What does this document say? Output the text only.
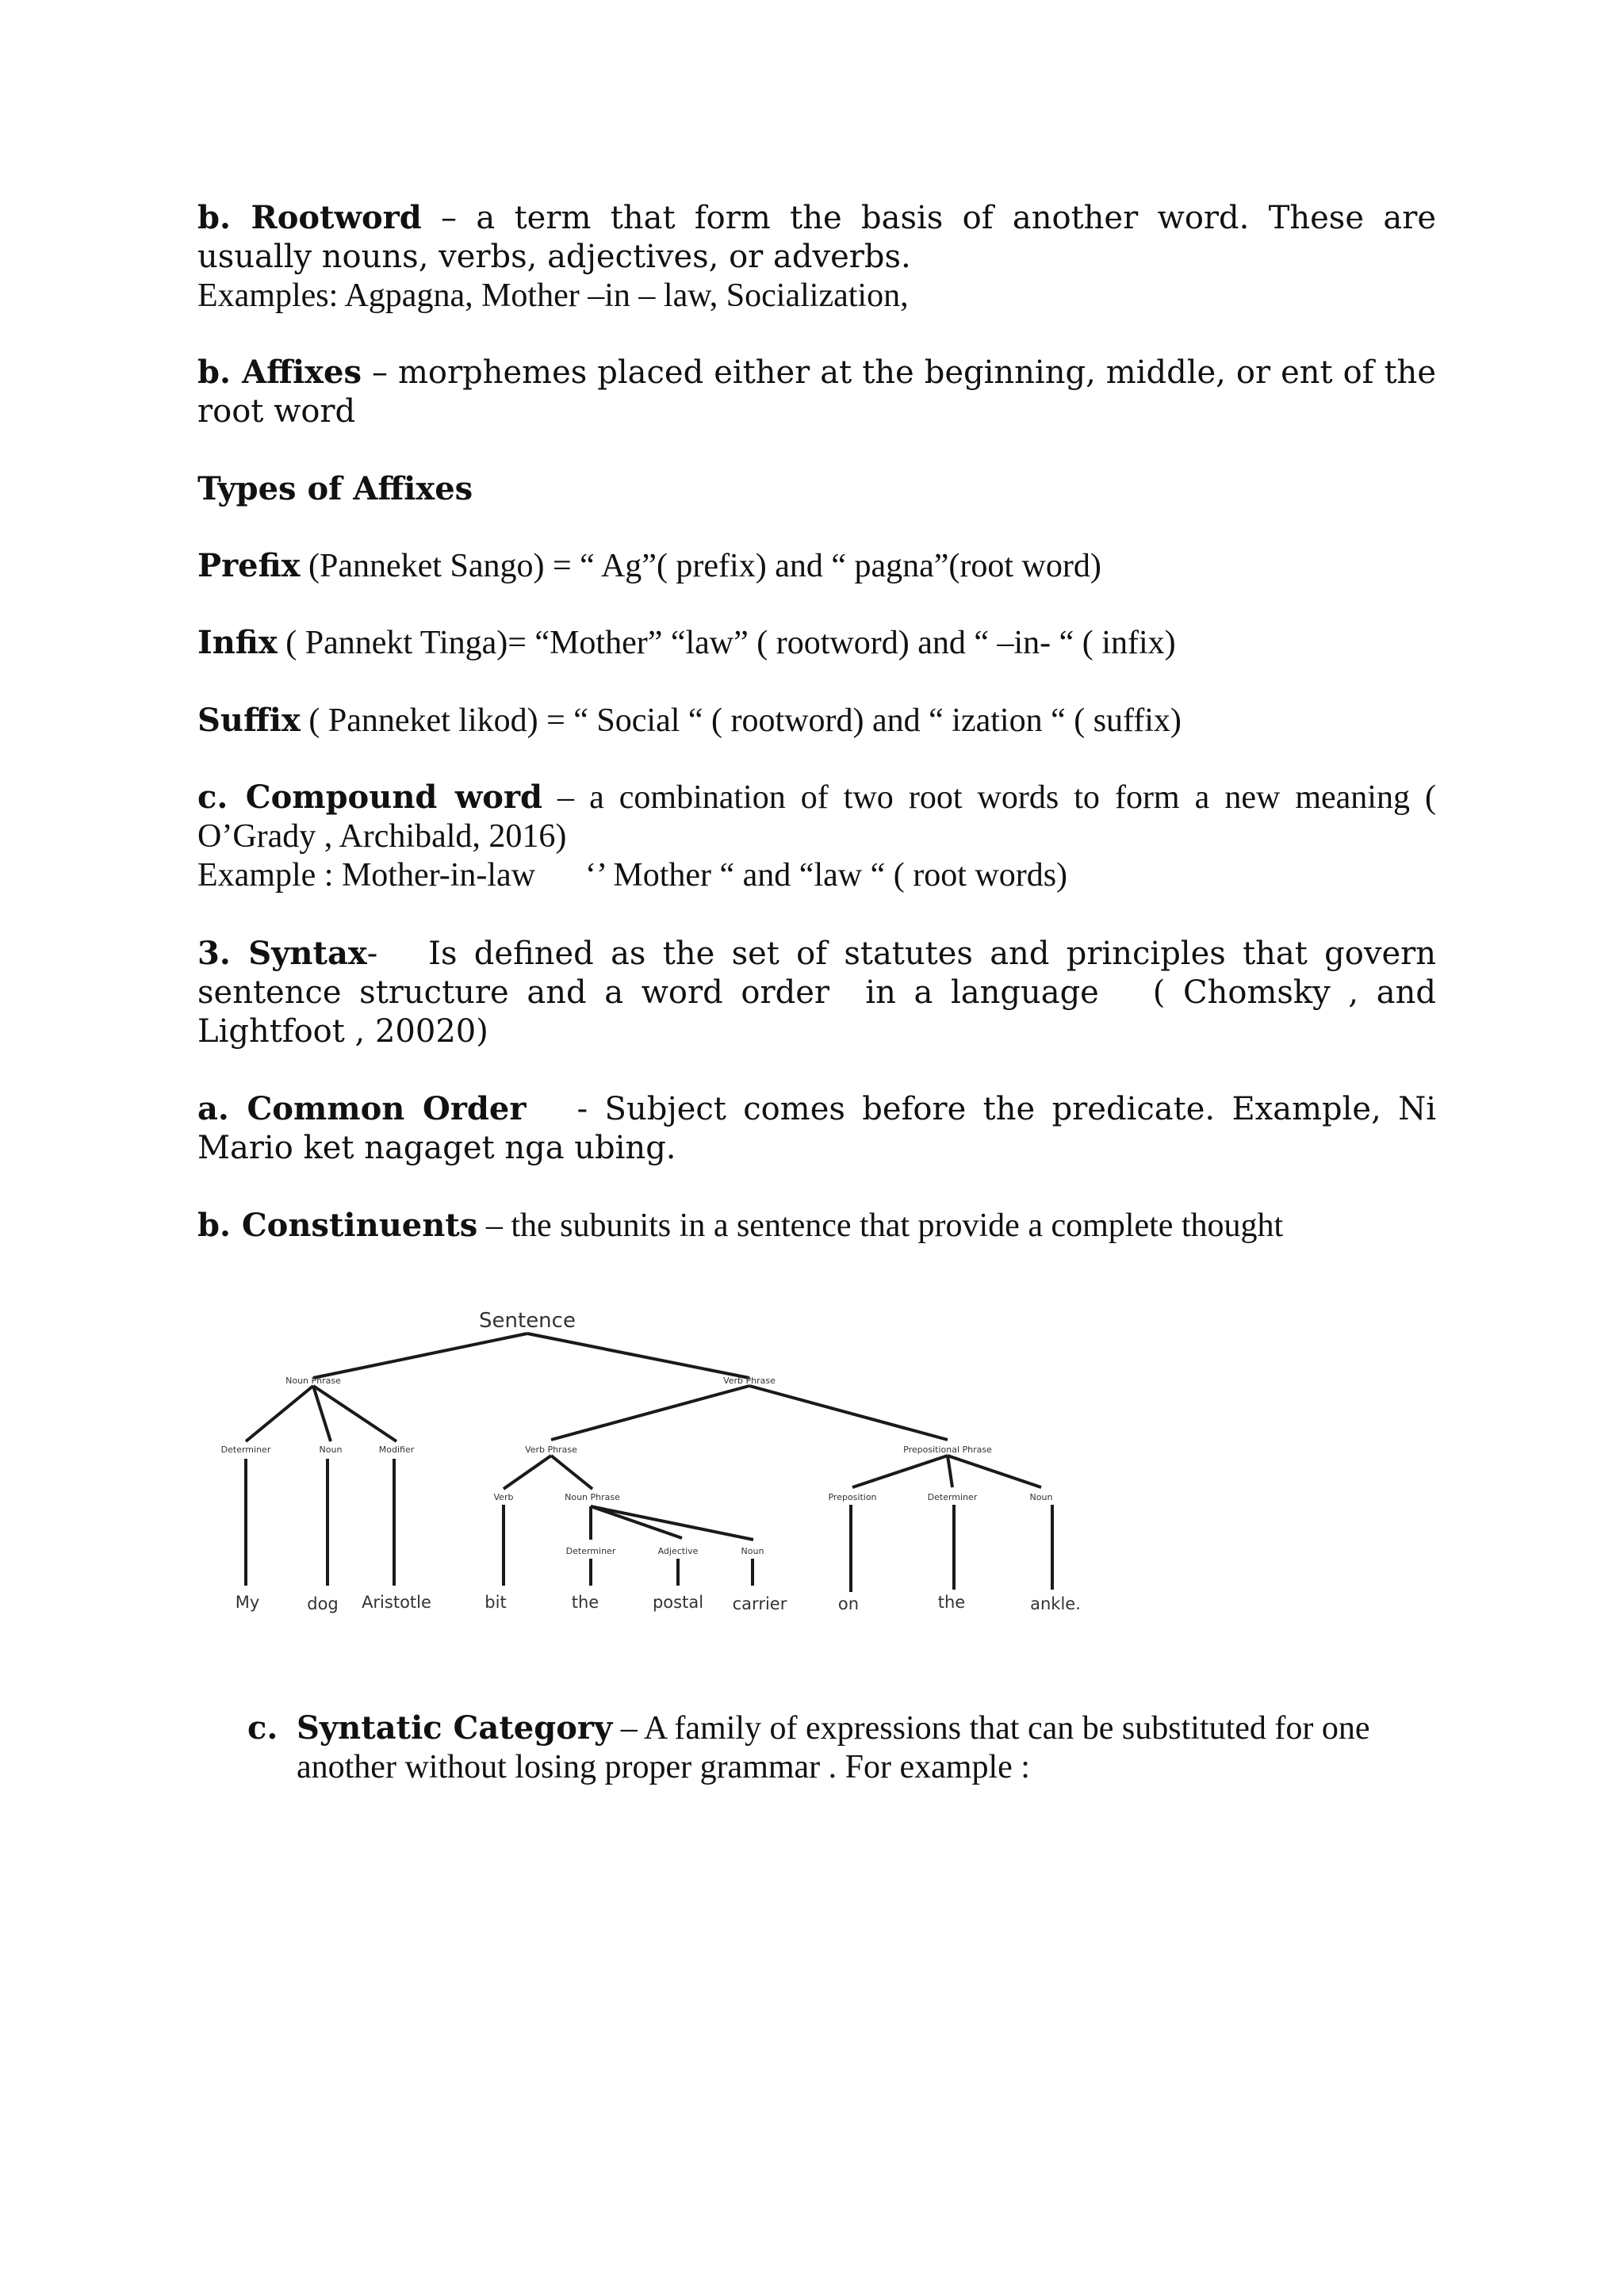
b. Rootword – a term that form the basis of another word. These are usually nouns, verbs, adjectives, or adverbs.
Examples: Agpagna, Mother –in – law, Socialization,
b. Affixes – morphemes placed either at the beginning, middle, or ent of the root word
Types of Affixes
Prefix (Panneket Sango) = “ Ag”( prefix) and “ pagna”(root word)
Infix ( Pannekt Tinga)= “Mother” “law” ( rootword) and “ –in- “ ( infix)
Suffix ( Panneket likod) = “ Social “ ( rootword) and “ ization “ ( suffix)
c. Compound word – a combination of two root words to form a new meaning ( O’Grady , Archibald, 2016)
Example : Mother-in-law      ‘’ Mother “ and “law “ ( root words)
3. Syntax-   Is defined as the set of statutes and principles that govern sentence structure and a word order  in a language   ( Chomsky , and Lightfoot , 20020)
a. Common Order   - Subject comes before the predicate. Example, Ni Mario ket nagaget nga ubing.
b. Constinuents – the subunits in a sentence that provide a complete thought
Sentence
Noun Phrase	Verb Phrase
Determiner	Noun	Modifier	Verb Phrase	Prepositional Phrase
Verb	Noun Phrase	Preposition	Determiner	Noun
Determiner	Adjective	Noun
My	dog Aristotle	bit	the	postal carrier	on	the	ankle.
c. Syntatic Category – A family of expressions that can be substituted for one another without losing proper grammar . For example :
